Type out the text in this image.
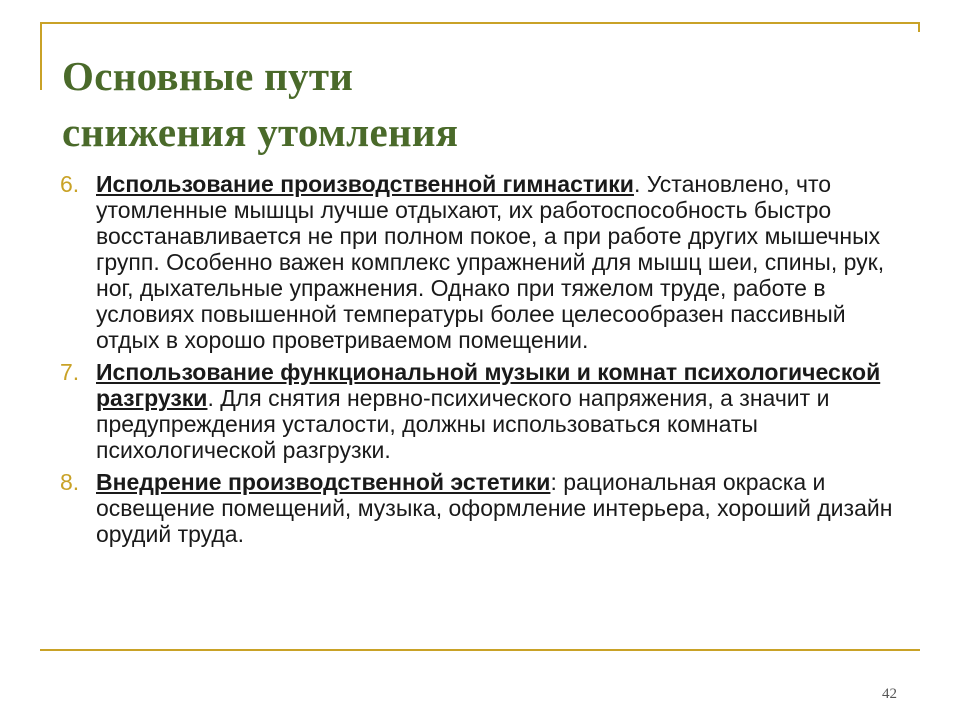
Основные пути
снижения утомления
6. Использование производственной гимнастики. Установлено, что утомленные мышцы лучше отдыхают, их работоспособность быстро восстанавливается не при полном покое, а при работе других мышечных групп. Особенно важен комплекс упражнений для мышц шеи, спины, рук, ног, дыхательные упражнения. Однако при тяжелом труде, работе в условиях повышенной температуры более целесообразен пассивный отдых в хорошо проветриваемом помещении.
7. Использование функциональной музыки и комнат психологической разгрузки. Для снятия нервно-психического напряжения, а значит и предупреждения усталости, должны использоваться комнаты психологической разгрузки.
8. Внедрение производственной эстетики: рациональная окраска и освещение помещений, музыка, оформление интерьера, хороший дизайн орудий труда.
42
